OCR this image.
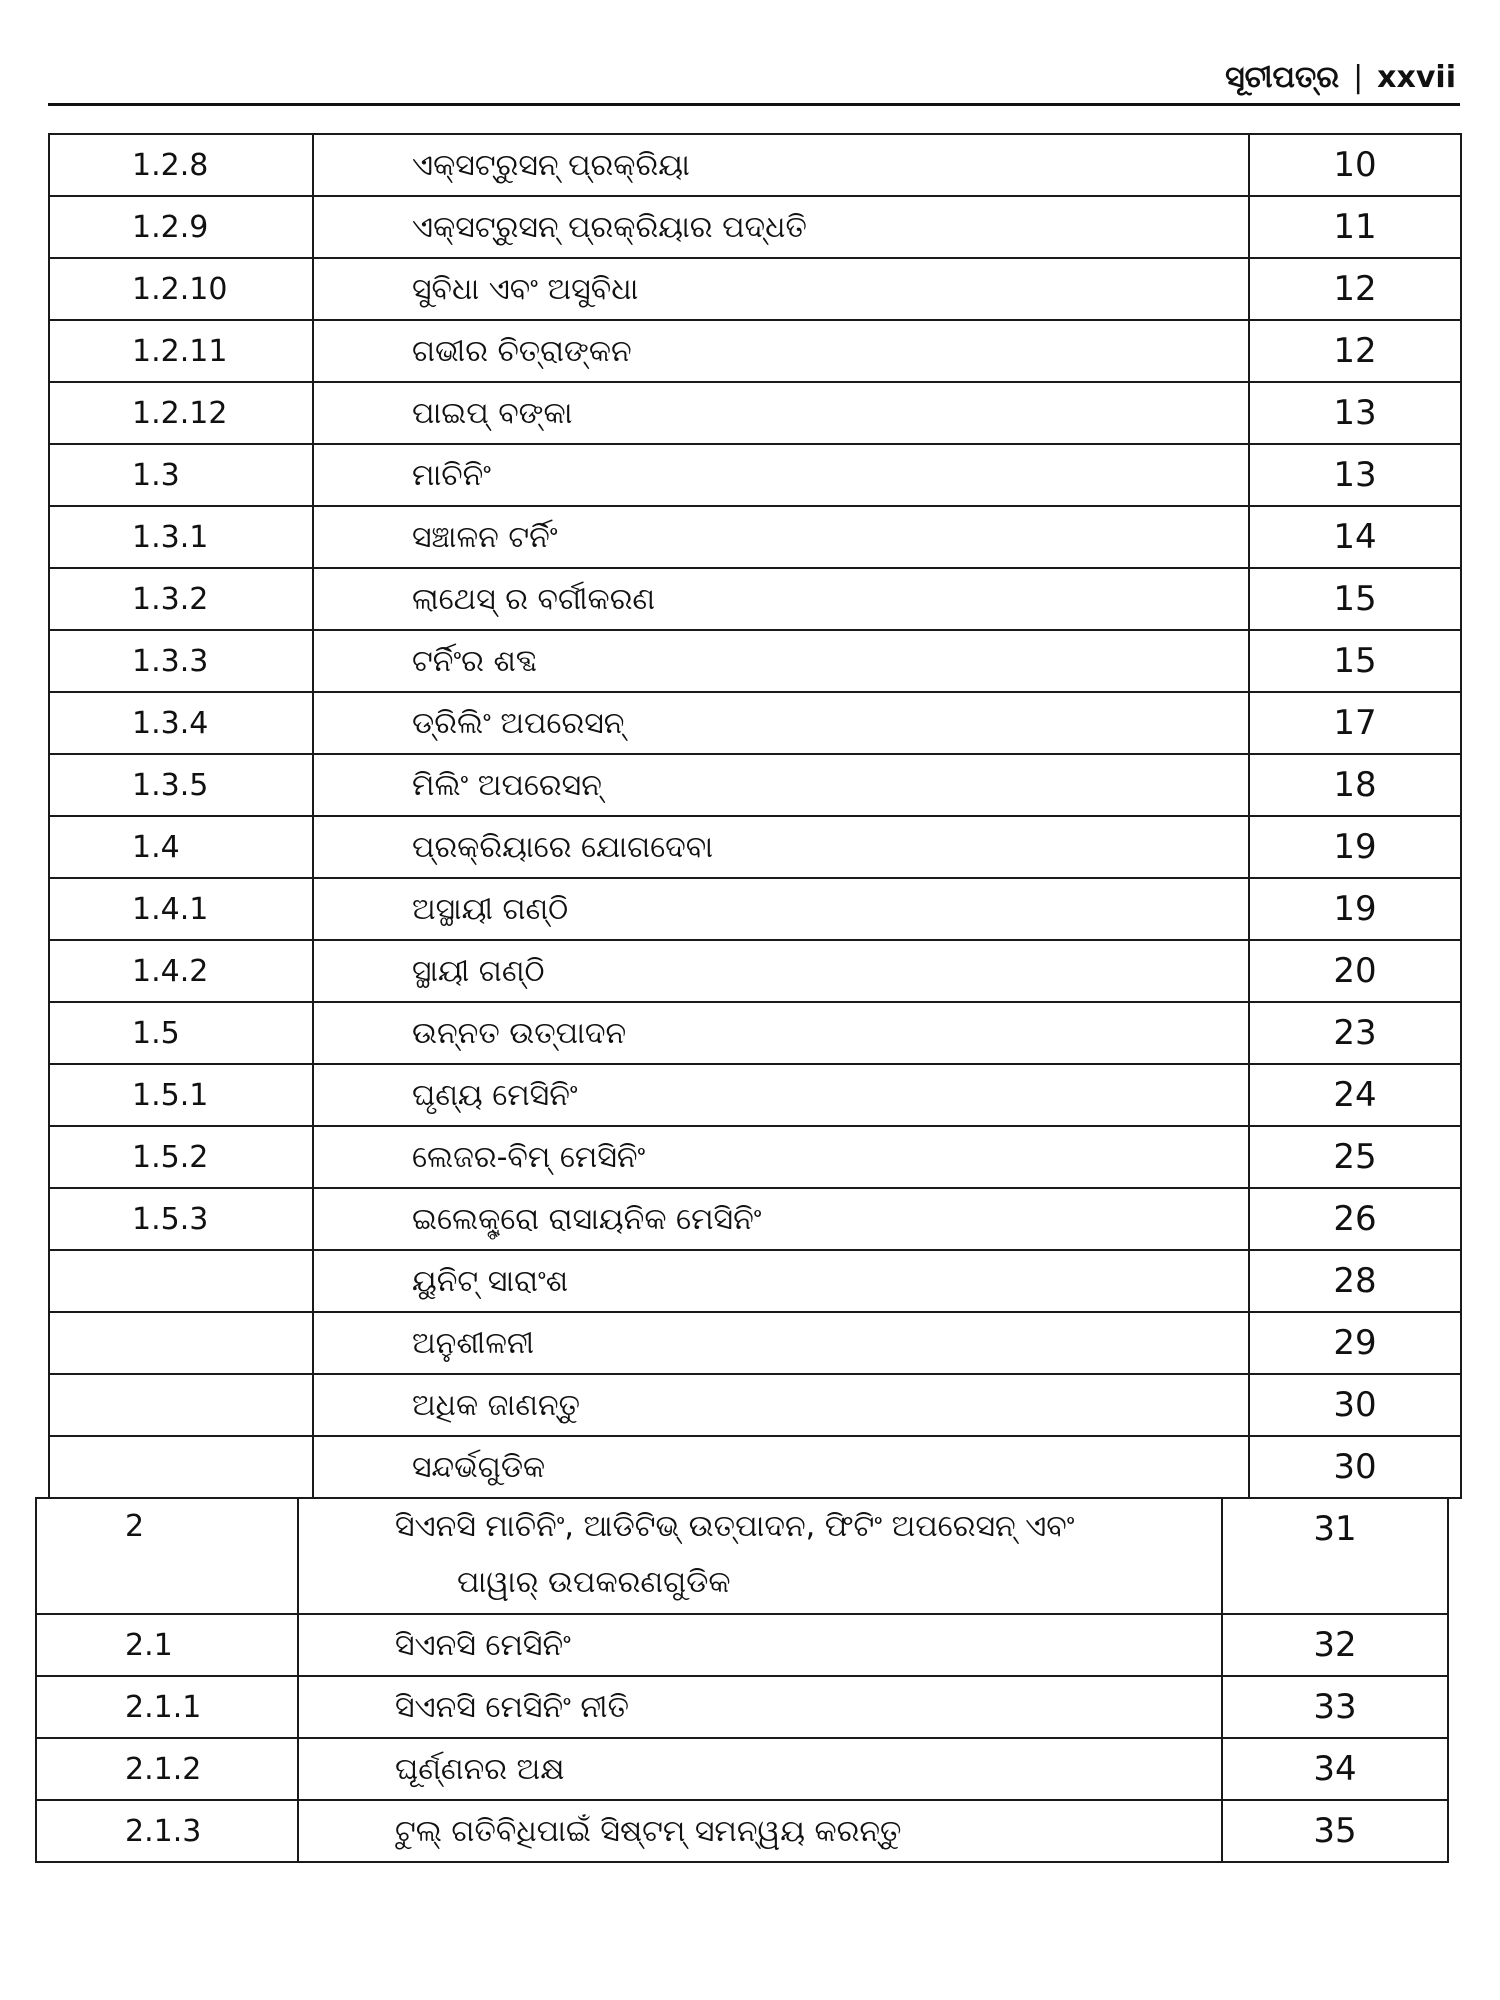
ସୂଚୀପତ୍ର | xxvii
1.2.8	ଏକ୍ସଟ୍ରୁସନ୍ ପ୍ରକ୍ରିୟା	10
1.2.9	ଏକ୍ସଟ୍ରୁସନ୍ ପ୍ରକ୍ରିୟାର ପଦ୍ଧତି	11
1.2.10	ସୁବିଧା ଏବଂ ଅସୁବିଧା	12
1.2.11	ଗଭୀର ଚିତ୍ରାଙ୍କନ	12
1.2.12	ପାଇପ୍ ବଙ୍କା	13
1.3	ମାଚିନିଂ	13
1.3.1	ସଞ୍ଚାଳନ ଟର୍ନିଂ	14
1.3.2	ଲାଥେସ୍ ର ବର୍ଗୀକରଣ	15
1.3.3	ଟର୍ନିଂର ଶବ୍ଦ	15
1.3.4	ଡ୍ରିଲିଂ ଅପରେସନ୍	17
1.3.5	ମିଲିଂ ଅପରେସନ୍	18
1.4	ପ୍ରକ୍ରିୟାରେ ଯୋଗଦେବା	19
1.4.1	ଅସ୍ଥାୟୀ ଗଣ୍ଠି	19
1.4.2	ସ୍ଥାୟୀ ଗଣ୍ଠି	20
1.5	ଉନ୍ନତ ଉତ୍ପାଦନ	23
1.5.1	ଘୃଣ୍ୟ ମେସିନିଂ	24
1.5.2	ଲେଜର-ବିମ୍ ମେସିନିଂ	25
1.5.3	ଇଲେକ୍ଟ୍ରୋ ରାସାୟନିକ ମେସିନିଂ	26
	ୟୁନିଟ୍ ସାରାଂଶ	28
	ଅନୁଶୀଳନୀ	29
	ଅଧିକ ଜାଣନ୍ତୁ	30
	ସନ୍ଦର୍ଭଗୁଡିକ	30
2	ସିଏନସି ମାଚିନିଂ, ଆଡିଟିଭ୍ ଉତ୍ପାଦନ, ଫିଟିଂ ଅପରେସନ୍ ଏବଂ
ପାୱାର୍ ଉପକରଣଗୁଡିକ	31
2.1	ସିଏନସି ମେସିନିଂ	32
2.1.1	ସିଏନସି ମେସିନିଂ ନୀତି	33
2.1.2	ଘୂର୍ଣ୍ଣନର ଅକ୍ଷ	34
2.1.3	ଟୁଲ୍ ଗତିବିଧିପାଇଁ ସିଷ୍ଟମ୍ ସମନ୍ୱୟ କରନ୍ତୁ	35
